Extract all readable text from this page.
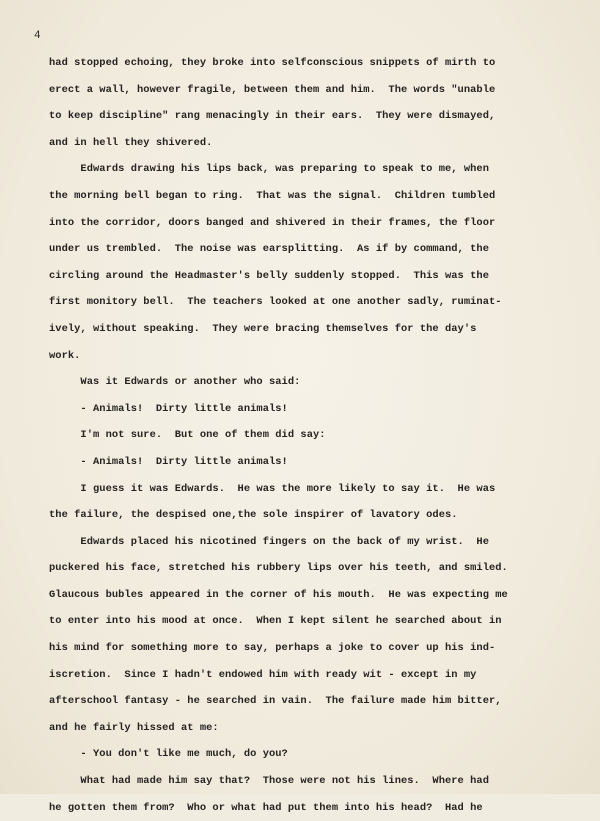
4
had stopped echoing, they broke into selfconscious snippets of mirth to
erect a wall, however fragile, between them and him.  The words "unable
to keep discipline" rang menacingly in their ears.  They were dismayed,
and in hell they shivered.
Edwards drawing his lips back, was preparing to speak to me, when
the morning bell began to ring.  That was the signal.  Children tumbled
into the corridor, doors banged and shivered in their frames, the floor
under us trembled.  The noise was earsplitting.  As if by command, the
circling around the Headmaster's belly suddenly stopped.  This was the
first monitory bell.  The teachers looked at one another sadly, ruminat-
ively, without speaking.  They were bracing themselves for the day's
work.
Was it Edwards or another who said:
- Animals!  Dirty little animals!
I'm not sure.  But one of them did say:
- Animals!  Dirty little animals!
I guess it was Edwards.  He was the more likely to say it.  He was
the failure, the despised one,the sole inspirer of lavatory odes.
Edwards placed his nicotined fingers on the back of my wrist.  He
puckered his face, stretched his rubbery lips over his teeth, and smiled.
Glaucous bubles appeared in the corner of his mouth.  He was expecting me
to enter into his mood at once.  When I kept silent he searched about in
his mind for something more to say, perhaps a joke to cover up his ind-
iscretion.  Since I hadn't endowed him with ready wit - except in my
afterschool fantasy - he searched in vain.  The failure made him bitter,
and he fairly hissed at me:
- You don't like me much, do you?
What had made him say that?  Those were not his lines.  Where had
he gotten them from?  Who or what had put them into his head?  Had he
